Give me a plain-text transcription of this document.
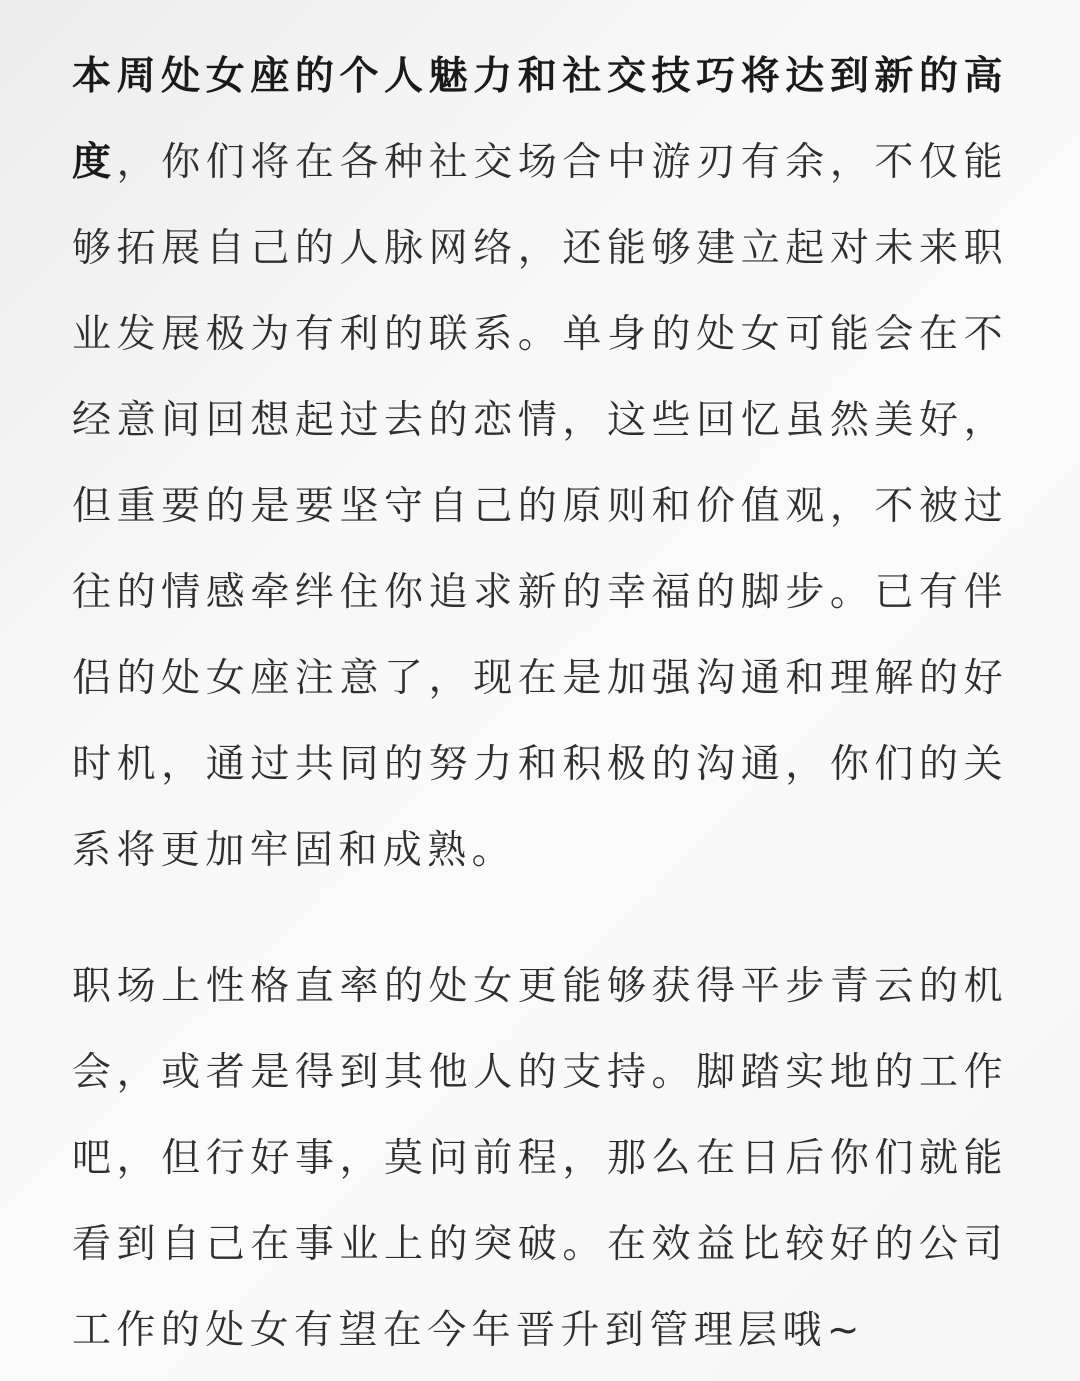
本周处女座的个人魅力和社交技巧将达到新的高度，你们将在各种社交场合中游刃有余，不仅能够拓展自己的人脉网络，还能够建立起对未来职业发展极为有利的联系。单身的处女可能会在不经意间回想起过去的恋情，这些回忆虽然美好，但重要的是要坚守自己的原则和价值观，不被过往的情感牵绊住你追求新的幸福的脚步。已有伴侣的处女座注意了，现在是加强沟通和理解的好时机，通过共同的努力和积极的沟通，你们的关系将更加牢固和成熟。

职场上性格直率的处女更能够获得平步青云的机会，或者是得到其他人的支持。脚踏实地的工作吧，但行好事，莫问前程，那么在日后你们就能看到自己在事业上的突破。在效益比较好的公司工作的处女有望在今年晋升到管理层哦~
